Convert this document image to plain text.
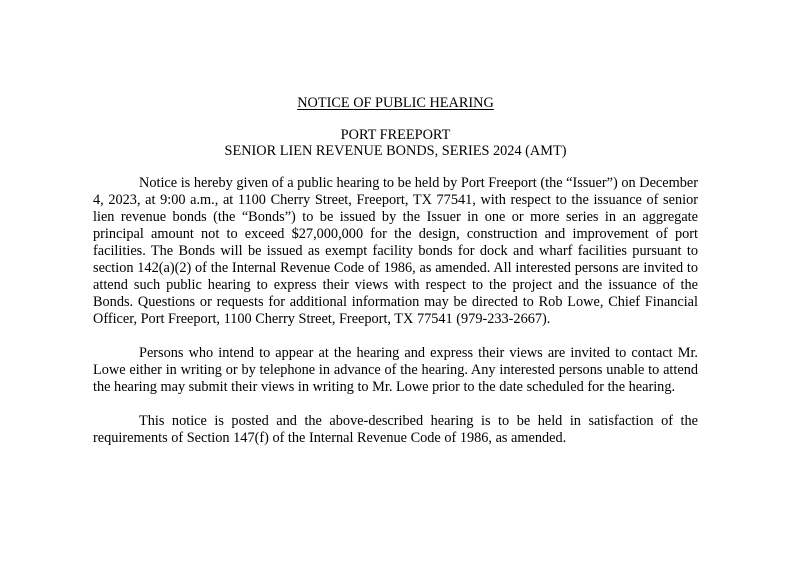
NOTICE OF PUBLIC HEARING

PORT FREEPORT

SENIOR LIEN REVENUE BONDS, SERIES 2024 (AMT)

Notice is hereby given of a public hearing to be held by Port Freeport (the “Issuer”) on December 4, 2023, at 9:00 a.m., at 1100 Cherry Street, Freeport, TX 77541, with respect to the issuance of senior lien revenue bonds (the “Bonds”) to be issued by the Issuer in one or more series in an aggregate principal amount not to exceed $27,000,000 for the design, construction and improvement of port facilities. The Bonds will be issued as exempt facility bonds for dock and wharf facilities pursuant to section 142(a)(2) of the Internal Revenue Code of 1986, as amended. All interested persons are invited to attend such public hearing to express their views with respect to the project and the issuance of the Bonds. Questions or requests for additional information may be directed to Rob Lowe, Chief Financial Officer, Port Freeport, 1100 Cherry Street, Freeport, TX 77541 (979-233-2667).

Persons who intend to appear at the hearing and express their views are invited to contact Mr. Lowe either in writing or by telephone in advance of the hearing. Any interested persons unable to attend the hearing may submit their views in writing to Mr. Lowe prior to the date scheduled for the hearing.

This notice is posted and the above-described hearing is to be held in satisfaction of the requirements of Section 147(f) of the Internal Revenue Code of 1986, as amended.
